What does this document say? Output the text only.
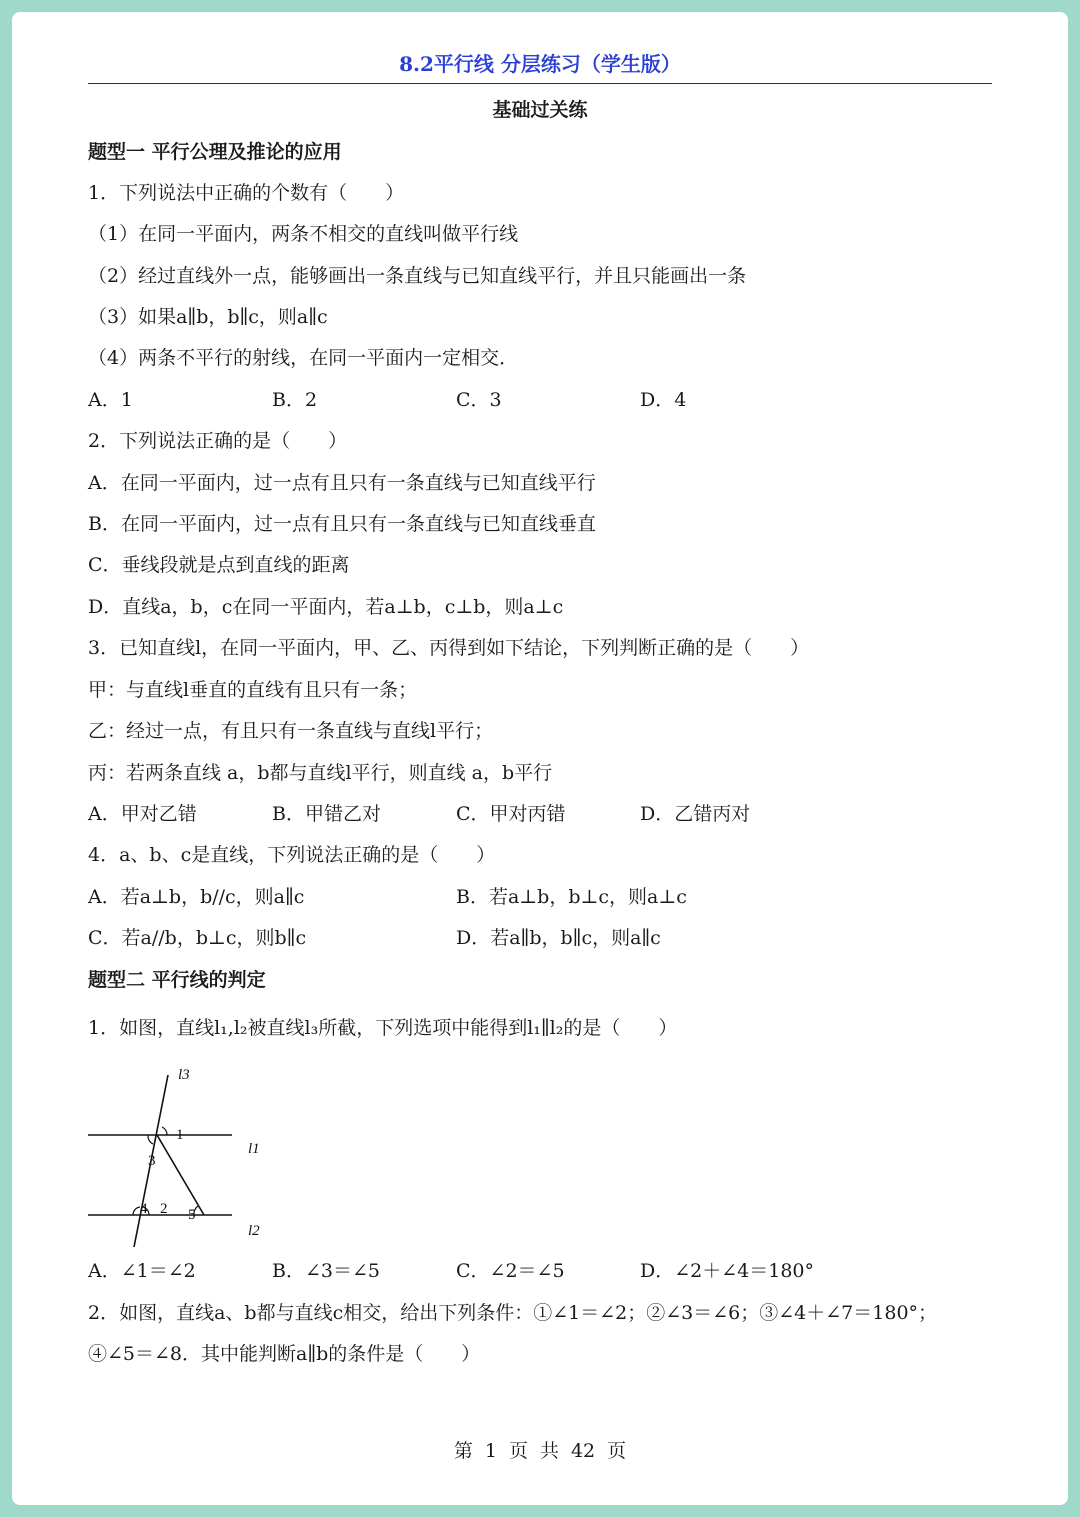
8.2平行线 分层练习（学生版）
基础过关练
题型一 平行公理及推论的应用
1．下列说法中正确的个数有（　　）
（1）在同一平面内，两条不相交的直线叫做平行线
（2）经过直线外一点，能够画出一条直线与已知直线平行，并且只能画出一条
（3）如果a∥b，b∥c，则a∥c
（4）两条不平行的射线，在同一平面内一定相交．
A．1	B．2	C．3	D．4
2．下列说法正确的是（　　）
A．在同一平面内，过一点有且只有一条直线与已知直线平行
B．在同一平面内，过一点有且只有一条直线与已知直线垂直
C．垂线段就是点到直线的距离
D．直线a，b，c在同一平面内，若a⊥b，c⊥b，则a⊥c
3．已知直线l，在同一平面内，甲、乙、丙得到如下结论，下列判断正确的是（　　）
甲：与直线l垂直的直线有且只有一条；
乙：经过一点，有且只有一条直线与直线l平行；
丙：若两条直线 a，b都与直线l平行，则直线 a，b平行
A．甲对乙错	B．甲错乙对	C．甲对丙错	D．乙错丙对
4．a、b、c是直线，下列说法正确的是（　　）
A．若a⊥b，b//c，则a∥c	B．若a⊥b，b⊥c，则a⊥c
C．若a//b，b⊥c，则b∥c	D．若a∥b，b∥c，则a∥c
题型二 平行线的判定
1．如图，直线l₁,l₂被直线l₃所截，下列选项中能得到l₁∥l₂的是（　　）
l3
l1
l2
1
3
4 2 5
A．∠1＝∠2	B．∠3＝∠5	C．∠2＝∠5	D．∠2＋∠4＝180°
2．如图，直线a、b都与直线c相交，给出下列条件：①∠1＝∠2；②∠3＝∠6；③∠4＋∠7＝180°；
④∠5＝∠8．其中能判断a∥b的条件是（　　）
第 1 页 共 42 页
